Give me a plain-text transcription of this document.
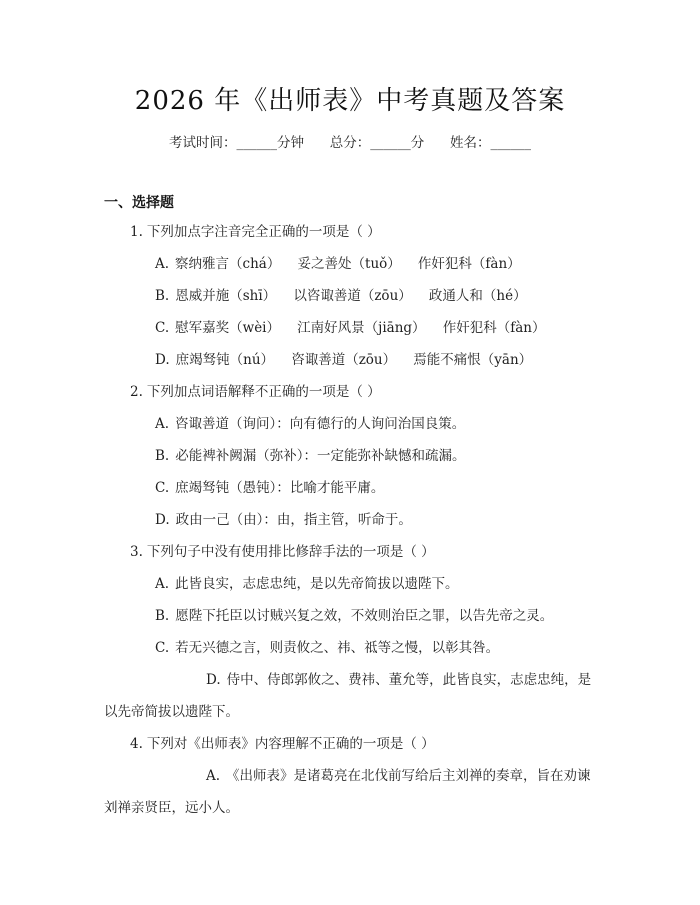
2026 年《出师表》中考真题及答案
考试时间：______分钟      总分：______分      姓名：______
一、选择题
1. 下列加点字注音完全正确的一项是（ ）
A. 察纳雅言（chá）    妥之善处（tuǒ）    作奸犯科（fàn）
B. 恩威并施（shī）    以咨诹善道（zōu）    政通人和（hé）
C. 慰军嘉奖（wèi）    江南好风景（jiāng）    作奸犯科（fàn）
D. 庶竭驽钝（nú）    咨诹善道（zōu）    焉能不痛恨（yān）
2. 下列加点词语解释不正确的一项是（ ）
A. 咨诹善道（询问）：向有德行的人询问治国良策。
B. 必能裨补阙漏（弥补）：一定能弥补缺憾和疏漏。
C. 庶竭驽钝（愚钝）：比喻才能平庸。
D. 政由一己（由）：由，指主管，听命于。
3. 下列句子中没有使用排比修辞手法的一项是（ ）
A. 此皆良实，志虑忠纯，是以先帝简拔以遗陛下。
B. 愿陛下托臣以讨贼兴复之效，不效则治臣之罪，以告先帝之灵。
C. 若无兴德之言，则责攸之、祎、祗等之慢，以彰其咎。
D. 侍中、侍郎郭攸之、费祎、董允等，此皆良实，志虑忠纯，是以先帝简拔以遗陛下。
4. 下列对《出师表》内容理解不正确的一项是（ ）
A. 《出师表》是诸葛亮在北伐前写给后主刘禅的奏章，旨在劝谏刘禅亲贤臣，远小人。
